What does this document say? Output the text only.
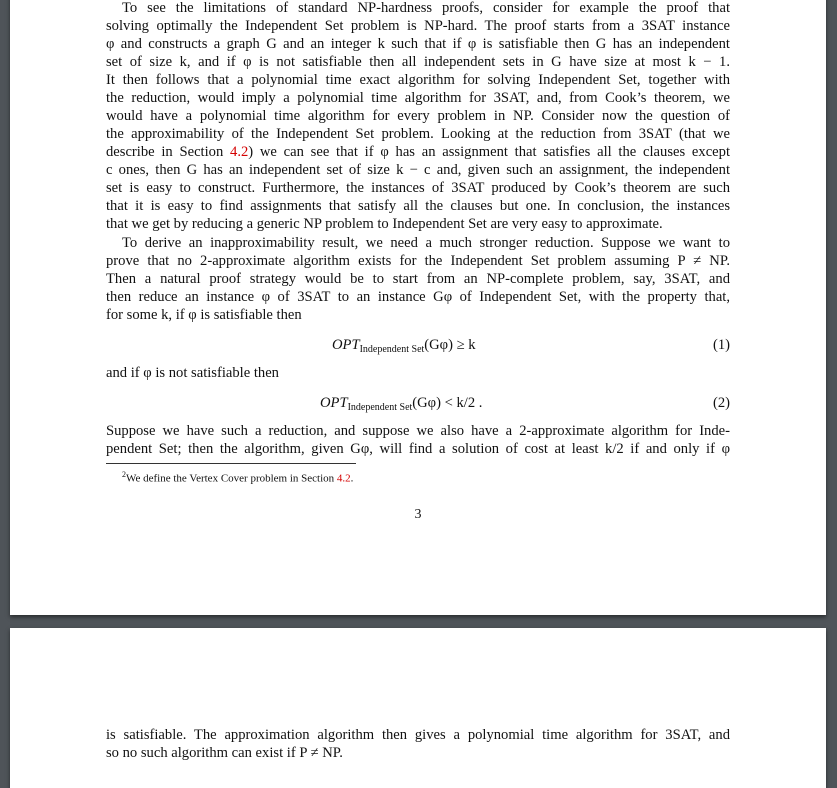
To see the limitations of standard NP-hardness proofs, consider for example the proof that
solving optimally the Independent Set problem is NP-hard. The proof starts from a 3SAT instance
φ and constructs a graph G and an integer k such that if φ is satisfiable then G has an independent
set of size k, and if φ is not satisfiable then all independent sets in G have size at most k − 1.
It then follows that a polynomial time exact algorithm for solving Independent Set, together with
the reduction, would imply a polynomial time algorithm for 3SAT, and, from Cook’s theorem, we
would have a polynomial time algorithm for every problem in NP. Consider now the question of
the approximability of the Independent Set problem. Looking at the reduction from 3SAT (that we
describe in Section 4.2) we can see that if φ has an assignment that satisfies all the clauses except
c ones, then G has an independent set of size k − c and, given such an assignment, the independent
set is easy to construct. Furthermore, the instances of 3SAT produced by Cook’s theorem are such
that it is easy to find assignments that satisfy all the clauses but one. In conclusion, the instances
that we get by reducing a generic NP problem to Independent Set are very easy to approximate.
To derive an inapproximability result, we need a much stronger reduction. Suppose we want to
prove that no 2-approximate algorithm exists for the Independent Set problem assuming P ≠ NP.
Then a natural proof strategy would be to start from an NP-complete problem, say, 3SAT, and
then reduce an instance φ of 3SAT to an instance Gφ of Independent Set, with the property that,
for some k, if φ is satisfiable then
$OPT_{Independent Set}(G\varphi) \ge k$	(1)
and if φ is not satisfiable then
$OPT_{Independent Set}(G\varphi) < k/2$ .	(2)
Suppose we have such a reduction, and suppose we also have a 2-approximate algorithm for Inde-
pendent Set; then the algorithm, given Gφ, will find a solution of cost at least k/2 if and only if φ
$^2$We define the Vertex Cover problem in Section 4.2.
3
is satisfiable. The approximation algorithm then gives a polynomial time algorithm for 3SAT, and
so no such algorithm can exist if P ≠ NP.
